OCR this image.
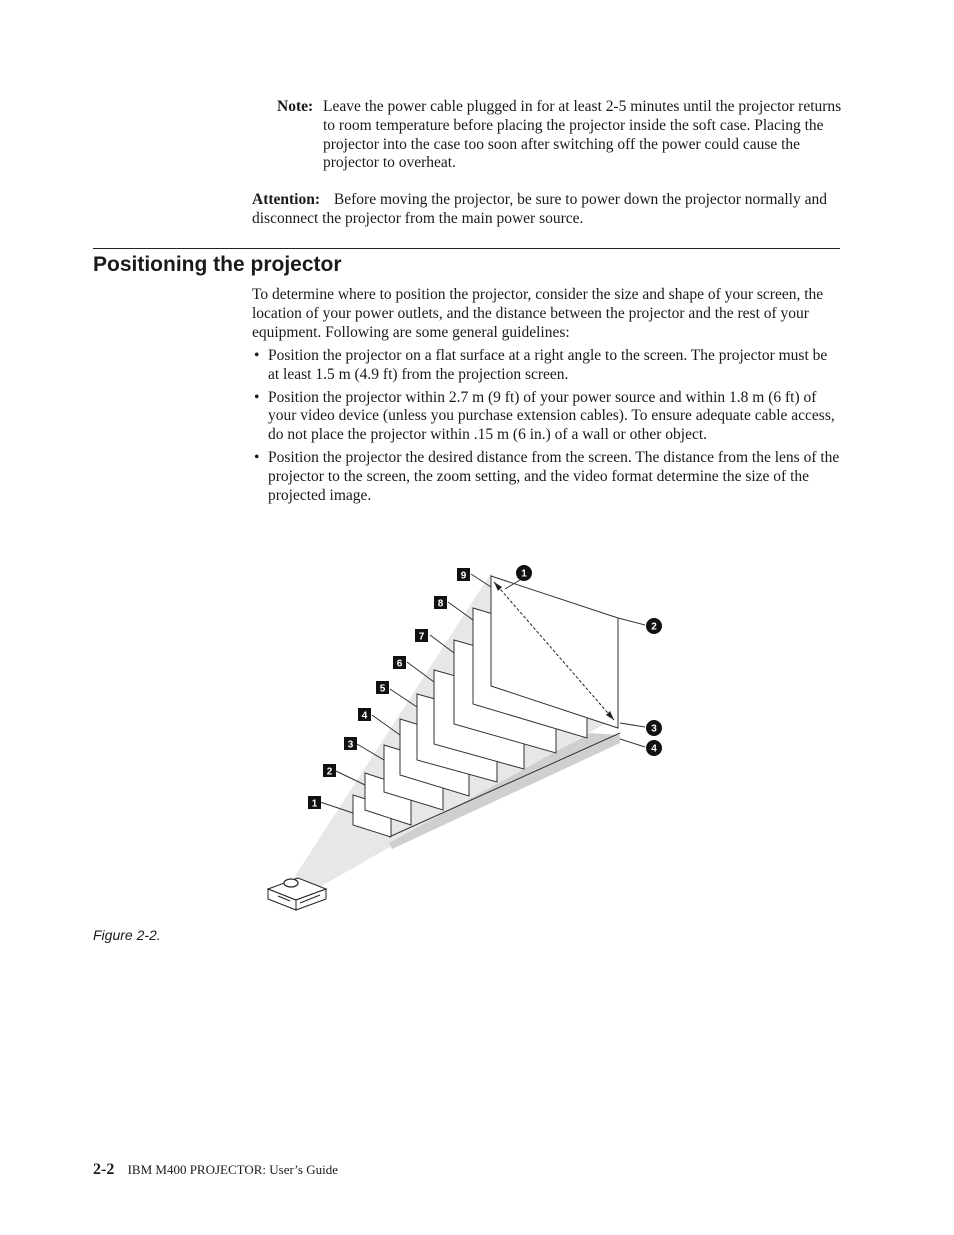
Note: Leave the power cable plugged in for at least 2-5 minutes until the projector returns to room temperature before placing the projector inside the soft case. Placing the projector into the case too soon after switching off the power could cause the projector to overheat.

Attention: Before moving the projector, be sure to power down the projector normally and disconnect the projector from the main power source.

Positioning the projector

To determine where to position the projector, consider the size and shape of your screen, the location of your power outlets, and the distance between the projector and the rest of your equipment. Following are some general guidelines:

• Position the projector on a flat surface at a right angle to the screen. The projector must be at least 1.5 m (4.9 ft) from the projection screen.
• Position the projector within 2.7 m (9 ft) of your power source and within 1.8 m (6 ft) of your video device (unless you purchase extension cables). To ensure adequate cable access, do not place the projector within .15 m (6 in.) of a wall or other object.
• Position the projector the desired distance from the screen. The distance from the lens of the projector to the screen, the zoom setting, and the video format determine the size of the projected image.
1
2
3
4
5
6
7
8
9	1
2
3
4
Figure 2-2.
2-2 IBM M400 PROJECTOR: User’s Guide
